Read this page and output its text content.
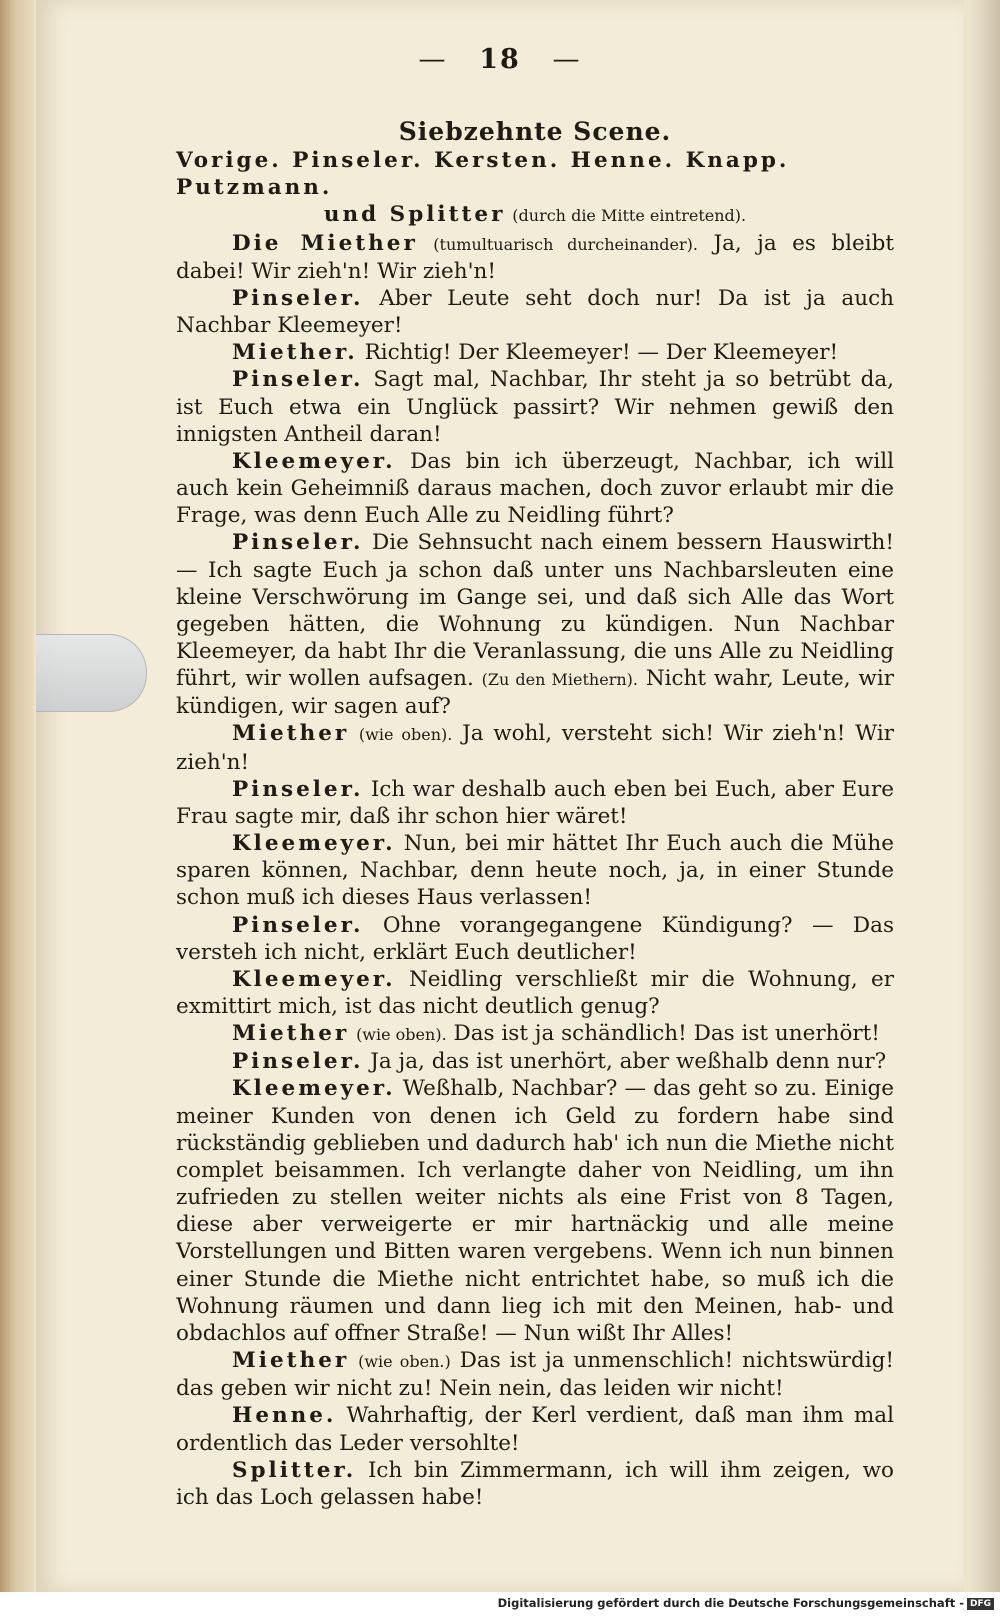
— 18 —
Siebzehnte Scene.

Vorige. Pinseler. Kersten. Henne. Knapp. Putzmann.

und Splitter (durch die Mitte eintretend).

Die Miether (tumultuarisch durcheinander). Ja, ja es bleibt dabei! Wir zieh'n! Wir zieh'n!

Pinseler. Aber Leute seht doch nur! Da ist ja auch Nachbar Kleemeyer!

Miether. Richtig! Der Kleemeyer! — Der Kleemeyer!

Pinseler. Sagt mal, Nachbar, Ihr steht ja so betrübt da, ist Euch etwa ein Unglück passirt? Wir nehmen gewiß den innigsten Antheil daran!

Kleemeyer. Das bin ich überzeugt, Nachbar, ich will auch kein Geheimniß daraus machen, doch zuvor erlaubt mir die Frage, was denn Euch Alle zu Neidling führt?

Pinseler. Die Sehnsucht nach einem bessern Hauswirth! — Ich sagte Euch ja schon daß unter uns Nachbarsleuten eine kleine Verschwörung im Gange sei, und daß sich Alle das Wort gegeben hätten, die Wohnung zu kündigen. Nun Nachbar Kleemeyer, da habt Ihr die Veranlassung, die uns Alle zu Neidling führt, wir wollen aufsagen. (Zu den Miethern). Nicht wahr, Leute, wir kündigen, wir sagen auf?

Miether (wie oben). Ja wohl, versteht sich! Wir zieh'n! Wir zieh'n!

Pinseler. Ich war deshalb auch eben bei Euch, aber Eure Frau sagte mir, daß ihr schon hier wäret!

Kleemeyer. Nun, bei mir hättet Ihr Euch auch die Mühe sparen können, Nachbar, denn heute noch, ja, in einer Stunde schon muß ich dieses Haus verlassen!

Pinseler. Ohne vorangegangene Kündigung? — Das versteh ich nicht, erklärt Euch deutlicher!

Kleemeyer. Neidling verschließt mir die Wohnung, er exmittirt mich, ist das nicht deutlich genug?

Miether (wie oben). Das ist ja schändlich! Das ist unerhört!

Pinseler. Ja ja, das ist unerhört, aber weßhalb denn nur?

Kleemeyer. Weßhalb, Nachbar? — das geht so zu. Einige meiner Kunden von denen ich Geld zu fordern habe sind rückständig geblieben und dadurch hab' ich nun die Miethe nicht complet beisammen. Ich verlangte daher von Neidling, um ihn zufrieden zu stellen weiter nichts als eine Frist von 8 Tagen, diese aber verweigerte er mir hartnäckig und alle meine Vorstellungen und Bitten waren vergebens. Wenn ich nun binnen einer Stunde die Miethe nicht entrichtet habe, so muß ich die Wohnung räumen und dann lieg ich mit den Meinen, hab- und obdachlos auf offner Straße! — Nun wißt Ihr Alles!

Miether (wie oben.) Das ist ja unmenschlich! nichtswürdig! das geben wir nicht zu! Nein nein, das leiden wir nicht!

Henne. Wahrhaftig, der Kerl verdient, daß man ihm mal ordentlich das Leder versohlte!

Splitter. Ich bin Zimmermann, ich will ihm zeigen, wo ich das Loch gelassen habe!

Digitalisierung gefördert durch die Deutsche Forschungsgemeinschaft - DFG
